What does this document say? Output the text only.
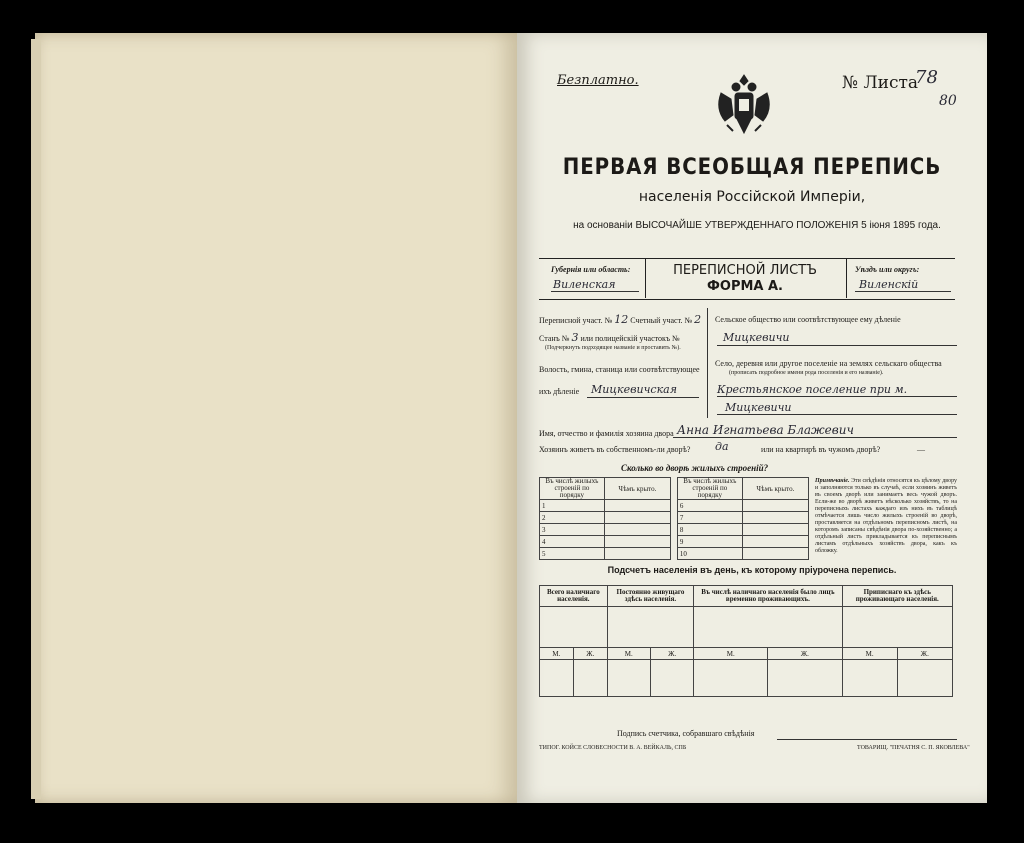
Безплатно.	№ Листа
78
80
ПЕРВАЯ ВСЕОБЩАЯ ПЕРЕПИСЬ
населенія Россійской Имперіи,
на основаніи ВЫСОЧАЙШЕ УТВЕРЖДЕННАГО ПОЛОЖЕНІЯ 5 іюня 1895 года.
Губернія или область:
Виленская
ПЕРЕПИСНОЙ ЛИСТЪ
ФОРМА А.
Уѣздъ или округъ:
Виленскій
Переписной участ. № 12 Счетный участ. № 2
Станъ № 3 или полицейскій участокъ №
(Подчеркнуть подходящее названіе и проставить №).
Волость, гмина, станица или соотвѣтствующее
ихъ дѣленіе Мицкевичская
Сельское общество или соотвѣтствующее ему дѣленіе
Мицкевичи
Село, деревня или другое поселеніе на землях сельскаго общества
(прописать подробное имени рода поселенія и его названіе).
Крестьянское поселение при м.
Мицкевичи
Имя, отчество и фамилія хозяина двора Анна Игнатьева Блажевич
Хозяинъ живетъ въ собственномъ-ли дворѣ? да	или на квартирѣ въ чужомъ дворѣ?	—
Сколько во дворѣ жилыхъ строеній?
Въ числѣ жилыхъ строеній по порядку	Чѣмъ крыто.		Въ числѣ жилыхъ строеній по порядку	Чѣмъ крыто.
1			6	
2			7	
3			8	
4			9	
5			10	
Примѣчаніе. Эти свѣдѣнія относятся къ цѣлому двору и заполняются только въ случаѣ, если хозяинъ живетъ въ своемъ дворѣ или занимаетъ весь чужой дворъ. Если-же во дворѣ живетъ нѣсколько хозяйствъ, то на переписныхъ листахъ каждаго изъ нихъ въ таблицѣ отмѣчается лишь число жилыхъ строеній во дворѣ, проставляется на отдѣльномъ переписномъ листѣ, на которомъ записаны свѣдѣнія двора по-хозяйственно; а отдѣльный листъ прикладывается къ переписнымъ листамъ отдѣльныхъ хозяйствъ двора, какъ къ обложку.
Подсчетъ населенія въ день, къ которому пріурочена перепись.
Всего наличнаго населенія.		Постоянно живущаго здѣсь населенія.		Въ числѣ наличнаго населенія было лицъ временно проживающихъ.		Приписнаго къ здѣсь проживающаго населенія.	

М.	Ж.	М.	Ж.	М.	Ж.	М.	Ж.

Подпись счетчика, собравшаго свѣдѣнія
ТИПОГ. КОЙСЕ СЛОВЕСНОСТИ В. А. ВЕЙКАЛЬ, СПБ	ТОВАРИЩ. "ПЕЧАТНЯ С. П. ЯКОВЛЕВА"
